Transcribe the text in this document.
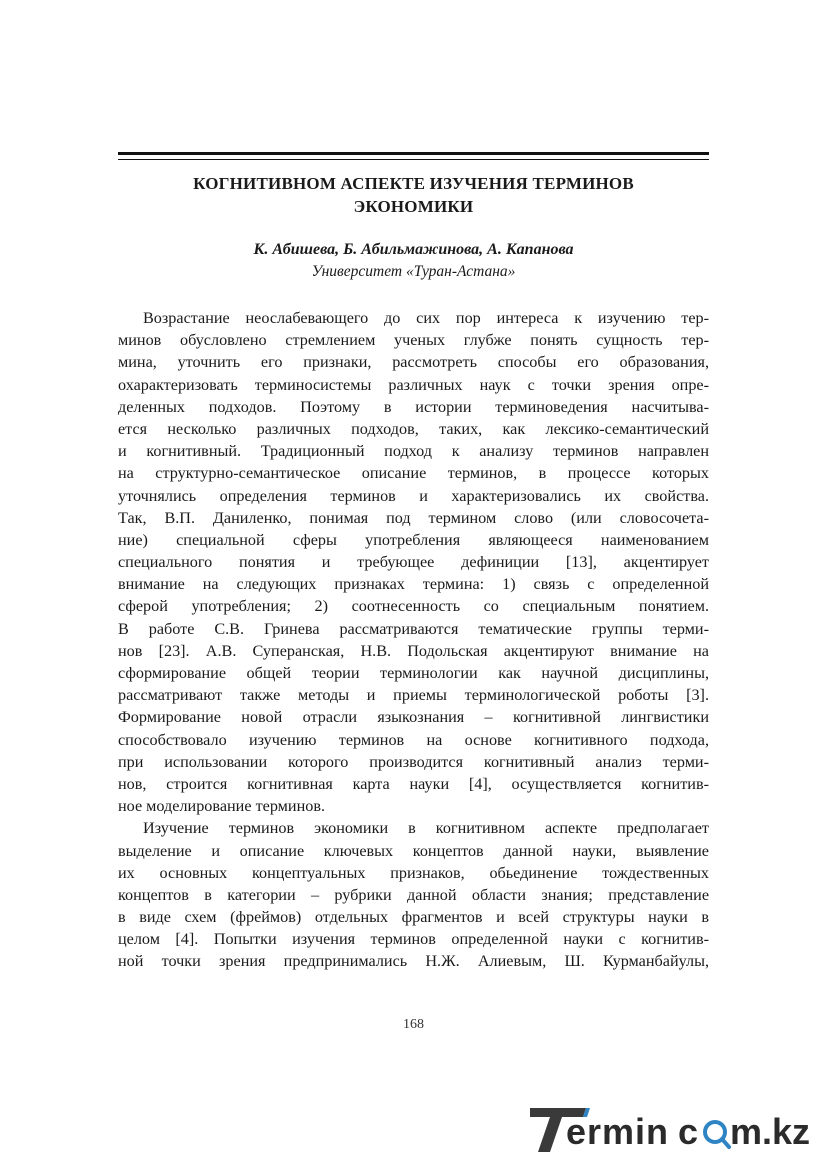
КОГНИТИВНОМ АСПЕКТЕ ИЗУЧЕНИЯ ТЕРМИНОВ
ЭКОНОМИКИ
К. Абишева, Б. Абильмажинова, А. Капанова
Университет «Туран-Астана»
Возрастание неослабевающего до сих пор интереса к изучению тер-
минов обусловлено стремлением ученых глубже понять сущность тер-
мина, уточнить его признаки, рассмотреть способы его образования,
охарактеризовать терминосистемы различных наук с точки зрения опре-
деленных подходов. Поэтому в истории терминоведения насчитыва-
ется несколько различных подходов, таких, как лексико-семантический
и когнитивный. Традиционный подход к анализу терминов направлен
на структурно-семантическое описание терминов, в процессе которых
уточнялись определения терминов и характеризовались их свойства.
Так, В.П. Даниленко, понимая под термином слово (или словосочета-
ние) специальной сферы употребления являющееся наименованием
специального понятия и требующее дефиниции [13], акцентирует
внимание на следующих признаках термина: 1) связь с определенной
сферой употребления; 2) соотнесенность со специальным понятием.
В работе С.В. Гринева рассматриваются тематические группы терми-
нов [23]. А.В. Суперанская, Н.В. Подольская акцентируют внимание на
сформирование общей теории терминологии как научной дисциплины,
рассматривают также методы и приемы терминологической роботы [3].
Формирование новой отрасли языкознания – когнитивной лингвистики
способствовало изучению терминов на основе когнитивного подхода,
при использовании которого производится когнитивный анализ терми-
нов, строится когнитивная карта науки [4], осуществляется когнитив-
ное моделирование терминов.
Изучение терминов экономики в когнитивном аспекте предполагает
выделение и описание ключевых концептов данной науки, выявление
их основных концептуальных признаков, обьединение тождественных
концептов в категории – рубрики данной области знания; представление
в виде схем (фреймов) отдельных фрагментов и всей структуры науки в
целом [4]. Попытки изучения терминов определенной науки с когнитив-
ной точки зрения предпринимались Н.Ж. Алиевым, Ш. Курманбайулы,
168
ermin c m.kz
